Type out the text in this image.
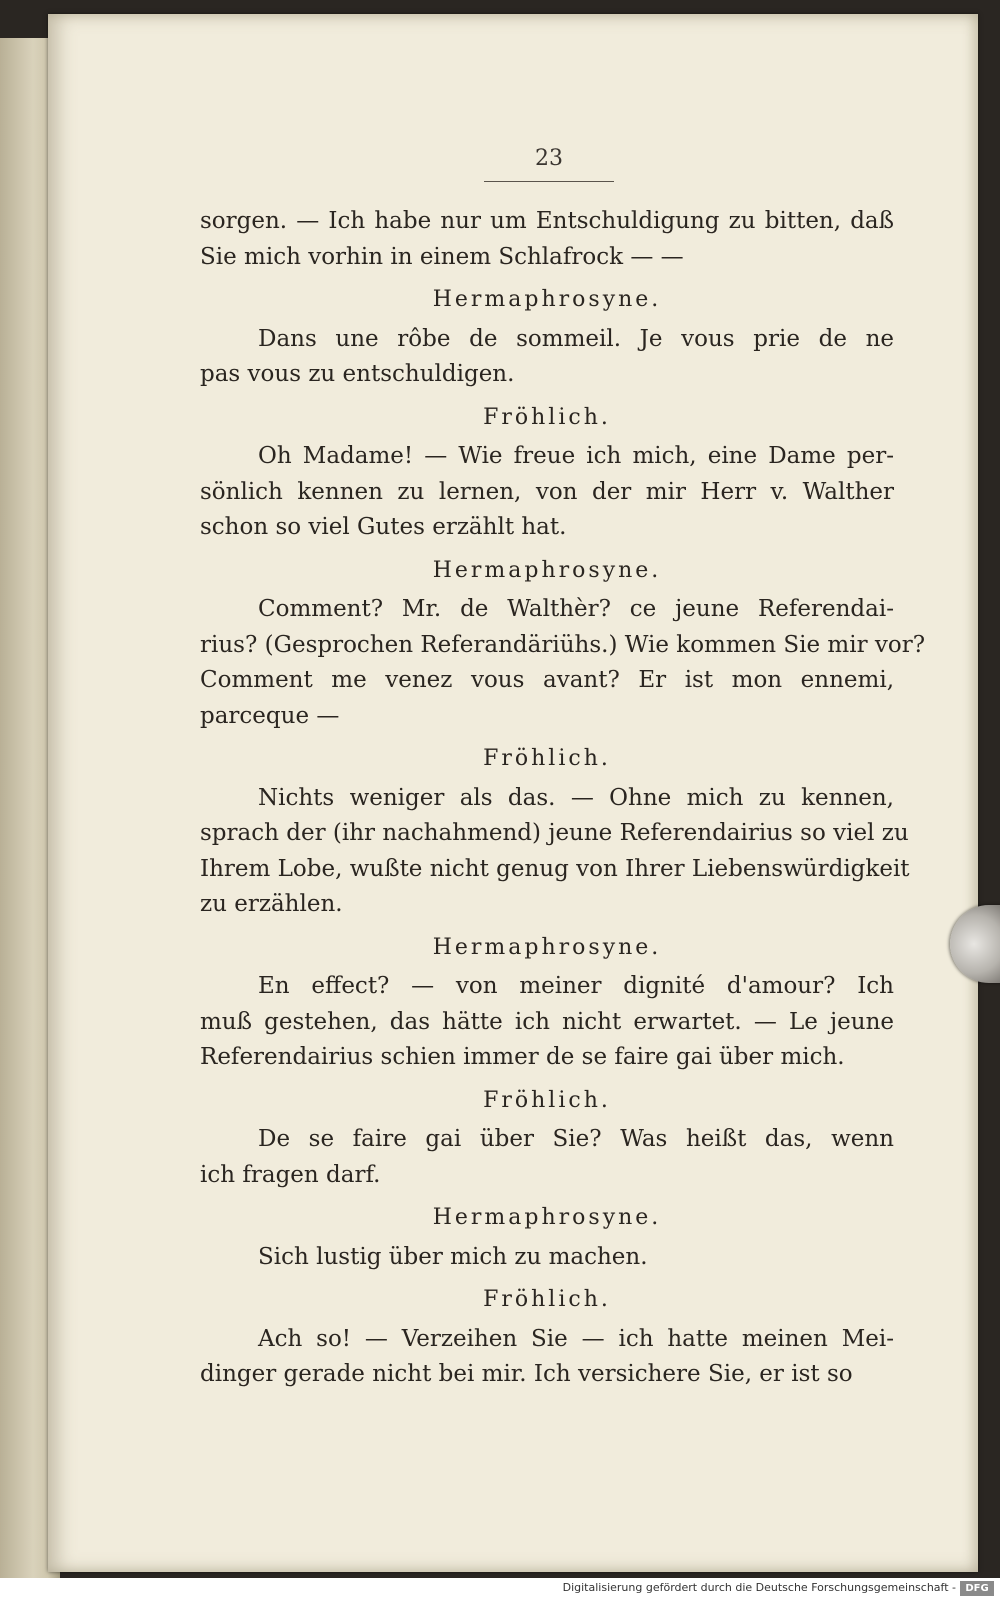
23
sorgen. — Ich habe nur um Entschuldigung zu bitten, daß
Sie mich vorhin in einem Schlafrock — —
Hermaphrosyne.
Dans une rôbe de sommeil. Je vous prie de ne
pas vous zu entschuldigen.
Fröhlich.
Oh Madame! — Wie freue ich mich, eine Dame per-
sönlich kennen zu lernen, von der mir Herr v. Walther
schon so viel Gutes erzählt hat.
Hermaphrosyne.
Comment? Mr. de Walthèr? ce jeune Referendai-
rius? (Gesprochen Referandäriühs.) Wie kommen Sie mir vor?
Comment me venez vous avant? Er ist mon ennemi,
parceque —
Fröhlich.
Nichts weniger als das. — Ohne mich zu kennen,
sprach der (ihr nachahmend) jeune Referendairius so viel zu
Ihrem Lobe, wußte nicht genug von Ihrer Liebenswürdigkeit
zu erzählen.
Hermaphrosyne.
En effect? — von meiner dignité d'amour? Ich
muß gestehen, das hätte ich nicht erwartet. — Le jeune
Referendairius schien immer de se faire gai über mich.
Fröhlich.
De se faire gai über Sie? Was heißt das, wenn
ich fragen darf.
Hermaphrosyne.
Sich lustig über mich zu machen.
Fröhlich.
Ach so! — Verzeihen Sie — ich hatte meinen Mei-
dinger gerade nicht bei mir. Ich versichere Sie, er ist so
Digitalisierung gefördert durch die Deutsche Forschungsgemeinschaft - DFG
